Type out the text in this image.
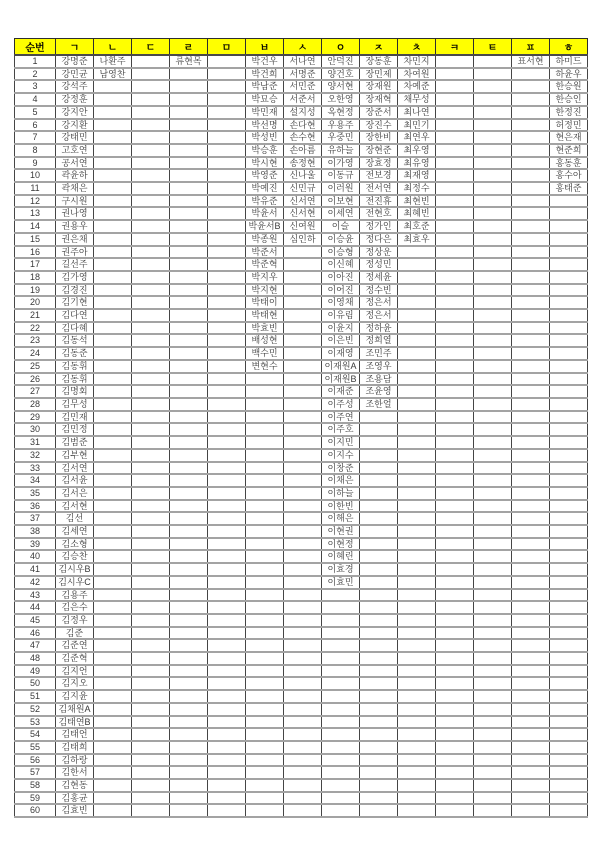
순번	ㄱ	ㄴ	ㄷ	ㄹ	ㅁ	ㅂ	ㅅ	ㅇ	ㅈ	ㅊ	ㅋ	ㅌ	ㅍ	ㅎ
1	강명준	나환주		류현목		박건우	서나연	안덕진	장동훈	차민지			표서현	하미드
2	강민균	남영찬				박건희	서명준	양건호	장민제	차여원				하윤우
3	강석주					박남준	서민준	양서현	장재원	차예준				한승원
4	강정훈					박묘승	서준서	오한영	장재혁	채무성				한승인
5	강지안					박민재	설지성	옥현정	장준서	최나연				한정진
6	강지환					박선명	손다현	우용주	장진수	최민기				허정민
7	강태민					박성빈	손수현	우중민	장한비	최연우				현은재
8	고호연					박승훈	손아름	유하늘	장현준	최우영				현준희
9	공서연					박시현	송정현	이가영	장효정	최유영				홍동훈
10	곽윤하					박영준	신나울	이동규	전보경	최재영				홍수아
11	곽채은					박예진	신민규	이러원	전서연	최정수				홍태준
12	구시원					박유준	신서연	이보현	전진휴	최현빈				
13	권나영					박윤서	신서현	이세연	전현호	최혜빈				
14	권용우					박윤서B	신여원	이슬	정가인	최호준				
15	권은채					박종원	심인하	이승윤	정다은	최효우				
16	권주아					박준서		이승형	정상운					
17	길선주					박준혁		이신혜	정성민					
18	김가영					박지우		이아진	정세윤					
19	김경진					박지현		이어진	정수빈					
20	김기현					박태이		이영채	정은서					
21	김다연					박태현		이유림	정은서					
22	김다혜					박효빈		이윤지	정하윤					
23	김동석					배성현		이은빈	정희열					
24	김동준					백수민		이재영	조민주					
25	김동휘					변현수		이재원A	조영우					
26	김동휘							이재원B	조용담					
27	김명회							이재준	조윤영					
28	김무성							이주성	조한얼					
29	김민재							이주연						
30	김민정							이주호						
31	김범준							이지민						
32	김부현							이지수						
33	김서연							이창준						
34	김서윤							이채은						
35	김서은							이하늘						
36	김서현							이한빈						
37	김선							이해은						
38	김세연							이현권						
39	김소형							이현정						
40	김승찬							이혜린						
41	김시우B							이효경						
42	김시우C							이효민						
43	김용주													
44	김은수													
45	김정우													
46	김준													
47	김준연													
48	김준혁													
49	김지언													
50	김지오													
51	김지윤													
52	김채원A													
53	김태연B													
54	김태언													
55	김태희													
56	김하랑													
57	김한서													
58	김현동													
59	김홍균													
60	김효빈													
